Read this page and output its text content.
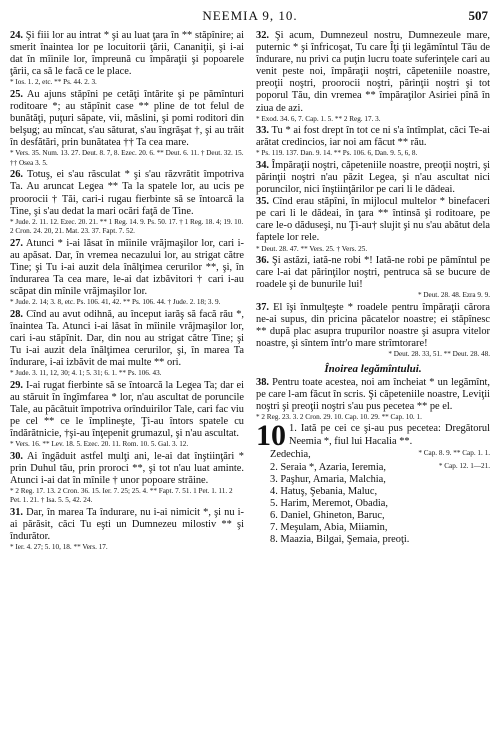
NEEMIA 9, 10.	507

24. Şi fiii lor au intrat * şi au luat ţara în ** stăpînire; ai smerit înaintea lor pe locuitorii ţării, Cananiţii, şi i-ai dat în mîinile lor, împreună cu împăraţii şi popoarele ţării, ca să le facă ce le place.

* Ios. 1. 2, etc. ** Ps. 44. 2. 3.

25. Au ajuns stăpîni pe cetăţi întărite şi pe pămînturi roditoare *; au stăpînit case ** pline de tot felul de bunătăţi, puţuri săpate, vii, măslini, şi pomi roditori din belşug; au mîncat, s'au săturat, s'au îngrăşat †, şi au trăit în desfătări, prin bunătatea †† Ta cea mare.

* Vers. 35. Num. 13. 27. Deut. 8. 7, 8. Ezec. 20. 6. ** Deut. 6. 11. † Deut. 32. 15. †† Osea 3. 5.

26. Totuş, ei s'au răsculat * şi s'au răzvrătit împotriva Ta. Au aruncat Legea ** Ta la spatele lor, au ucis pe proorocii † Tăi, cari-i rugau fierbinte să se întoarcă la Tine, şi s'au dedat la mari ocări faţă de Tine.

* Jude. 2. 11. 12. Ezec. 20. 21. ** 1 Reg. 14. 9. Ps. 50. 17. † 1 Reg. 18. 4; 19. 10. 2 Cron. 24. 20, 21. Mat. 23. 37. Fapt. 7. 52.

27. Atunci * i-ai lăsat în mîinile vrăjmaşilor lor, cari i-au apăsat. Dar, în vremea necazului lor, au strigat către Tine; şi Tu i-ai auzit dela înălţimea cerurilor **, şi, în îndurarea Ta cea mare, le-ai dat izbăvitori † cari i-au scăpat din mînile vrăjmaşilor lor.

* Jude. 2. 14; 3. 8, etc. Ps. 106. 41, 42. ** Ps. 106. 44. † Jude. 2. 18; 3. 9.

28. Cînd au avut odihnă, au început iarăş să facă rău *, înaintea Ta. Atunci i-ai lăsat în mîinile vrăjmaşilor lor, cari i-au stăpînit. Dar, din nou au strigat către Tine; şi Tu i-ai auzit dela înălţimea cerurilor, şi, în marea Ta îndurare, i-ai izbăvit de mai multe ** ori.

* Jude. 3. 11, 12, 30; 4. 1; 5. 31; 6. 1. ** Ps. 106. 43.

29. I-ai rugat fierbinte să se întoarcă la Legea Ta; dar ei au stăruit în îngîmfarea * lor, n'au ascultat de poruncile Tale, au păcătuit împotriva orînduirilor Tale, cari fac viu pe cel ** ce le împlineşte, Ţi-au întors spatele cu îndărătnicie, †şi-au înţepenit grumazul, şi n'au ascultat.

* Vers. 16. ** Lev. 18. 5. Ezec. 20. 11. Rom. 10. 5. Gal. 3. 12.

30. Ai îngăduit astfel mulţi ani, le-ai dat înştiinţări * prin Duhul tău, prin proroci **, şi tot n'au luat aminte. Atunci i-ai dat în mînile † unor popoare străine.

* 2 Reg. 17. 13. 2 Cron. 36. 15. Ier. 7. 25; 25. 4. ** Fapt. 7. 51. 1 Pet. 1. 11. 2 Pet. 1. 21. † Isa. 5. 5, 42. 24.

31. Dar, în marea Ta îndurare, nu i-ai nimicit *, şi nu i-ai părăsit, căci Tu eşti un Dumnezeu milostiv ** şi îndurător.

* Ier. 4. 27; 5. 10, 18. ** Vers. 17.

32. Şi acum, Dumnezeul nostru, Dumnezeule mare, puternic * şi înfricoşat, Tu care Îţi ţii legămîntul Tău de îndurare, nu privi ca puţin lucru toate suferinţele cari au venit peste noi, împăraţii noştri, căpeteniile noastre, preoţii noştri, proorocii noştri, părinţii noştri şi tot poporul Tău, din vremea ** împăraţilor Asiriei pînă în ziua de azi.

* Exod. 34. 6, 7. Cap. 1. 5. ** 2 Reg. 17. 3.

33. Tu * ai fost drept în tot ce ni s'a întîmplat, căci Te-ai arătat credincios, iar noi am făcut ** rău.

* Ps. 119. 137. Dan. 9. 14. ** Ps. 106. 6, Dan. 9. 5, 6, 8.

34. Împăraţii noştri, căpeteniile noastre, preoţii noştri, şi părinţii noştri n'au păzit Legea, şi n'au ascultat nici poruncilor, nici înştiinţărilor pe cari li le dădeai.

35. Cînd erau stăpîni, în mijlocul multelor * binefaceri pe cari li le dădeai, în ţara ** întinsă şi roditoare, pe care le-o dăduseşi, nu Ţi-au† slujit şi nu s'au abătut dela faptele lor rele.

* Deut. 28. 47. ** Vers. 25. † Vers. 25.

36. Şi astăzi, iată-ne robi *! Iată-ne robi pe pămîntul pe care l-ai dat părinţilor noştri, pentruca să se bucure de roadele şi de bunurile lui!

* Deut. 28. 48. Ezra 9. 9.

37. El îşi înmulţeşte * roadele pentru împăraţii cărora ne-ai supus, din pricina păcatelor noastre; ei stăpînesc ** după plac asupra trupurilor noastre şi asupra vitelor noastre, şi sîntem într'o mare strîmtorare!

* Deut. 28. 33, 51. ** Deut. 28. 48.

Înoirea legămîntului.

38. Pentru toate acestea, noi am încheiat * un legămînt, pe care l-am făcut în scris. Şi căpeteniile noastre, Leviţii noştri şi preoţii noştri s'au pus pecetea ** pe el.

* 2 Reg. 23. 3. 2 Cron. 29. 10. Cap. 10. 29. ** Cap. 10. 1.

10 1. Iată pe cei ce şi-au pus pecetea: Dregătorul Neemia *, fiul lui Hacalia **.

Zedechia,	* Cap. 8. 9. ** Cap. 1. 1.
2. Seraia *, Azaria, Ieremia,	* Cap. 12. 1—21.
3. Paşhur, Amaria, Malchia,
4. Hatuş, Şebania, Maluc,
5. Harim, Meremot, Obadia,
6. Daniel, Ghineton, Baruc,
7. Meşulam, Abia, Miiamin,
8. Maazia, Bilgai, Şemaia, preoţi.
